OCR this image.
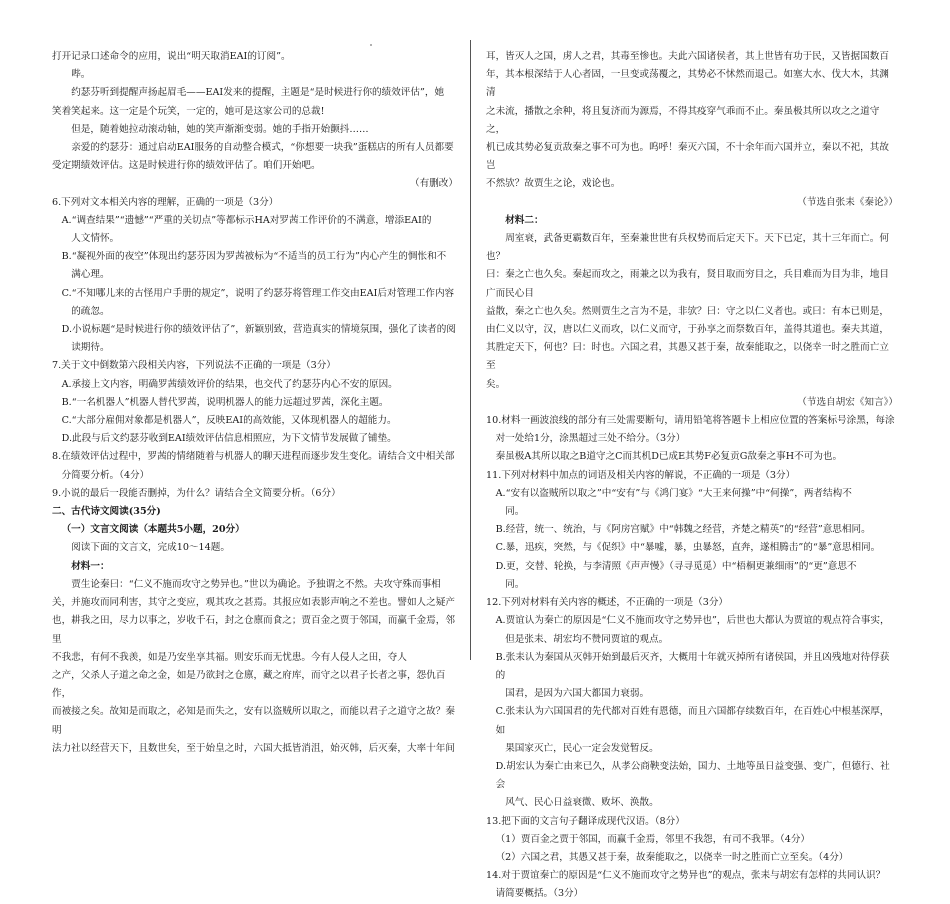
打开记录口述命令的应用，说出“明天取消EAI的订阅”。
哔。
约瑟芬听到提醒声扬起眉毛——EAI发来的提醒，主题是“是时候进行你的绩效评估”，她
笑着笑起来。这一定是个玩笑，一定的，她可是这家公司的总裁!
但是，随着她拉动滚动轴，她的笑声渐渐变弱。她的手指开始颤抖……
亲爱的约瑟芬：通过启动EAI服务的自动整合模式，“你想要一块我”蛋糕店的所有人员都要
受定期绩效评估。这是时候进行你的绩效评估了。咱们开始吧。
（有删改）
6.下列对文本相关内容的理解，正确的一项是（3分）
A.“调查结果”“遗憾”“严重的关切点”等都标示HA对罗茜工作评价的不满意，增添EAI的
人文情怀。
B.“凝视外面的夜空”体现出约瑟芬因为罗茜被标为“不适当的员工行为”内心产生的惆怅和不
满心理。
C.“不知哪儿来的古怪用户手册的规定”，说明了约瑟芬将管理工作交由EAI后对管理工作内容
的疏忽。
D.小说标题“是时候进行你的绩效评估了”，新颖别致，营造真实的情境氛围，强化了读者的阅
读期待。
7.关于文中倒数第六段相关内容，下列说法不正确的一项是（3分）
A.承接上文内容，明确罗茜绩效评价的结果，也交代了约瑟芬内心不安的原因。
B.“一名机器人”机器人替代罗茜，说明机器人的能力远超过罗茜，深化主题。
C.“大部分雇佣对象都是机器人”，反映EAI的高效能，又体现机器人的超能力。
D.此段与后文约瑟芬收到EAI绩效评估信息相照应，为下文情节发展做了铺垫。
8.在绩效评估过程中，罗茜的情绪随着与机器人的聊天进程而逐步发生变化。请结合文中相关部
分简要分析。（4分）
9.小说的最后一段能否删掉，为什么？请结合全文简要分析。（6分）
二、古代诗文阅读(35分)
（一）文言文阅读（本题共5小题，20分）
阅读下面的文言文，完成10～14题。
材料一：
贾生论秦曰：“仁义不施而攻守之势异也。”世以为确论。予独谓之不然。夫攻守殊而事相
关，并施攻而同利害，其守之变应，观其攻之甚焉。其报应如表影声响之不差也。譬如人之疑产
也，耕我之田，尽力以事之，岁收千石，封之仓廪而食之；贾百金之贾于邻国，而赢千金焉，邻里
不我悲，有何不我羡，如是乃安坐享其福。则安乐而无忧患。今有人侵人之田，夺人
之产，父杀人子道之命之金，如是乃欲封之仓廪，藏之府库，而守之以君子长者之事，怨仇百作，
而被接之矣。故知是而取之，必知是而失之，安有以盗贼所以取之，而能以君子之道守之故？秦明
法力社以经营天下，且数世矣，至于始皇之时，六国大抵皆消沮，始灭韩，后灭秦，大率十年间
耳，皆灭人之国，虏人之君，其毒至惨也。夫此六国诸侯者，其上世皆有功于民，又皆据国数百
年，其本根深结于人心者固，一旦变或荡覆之，其势必不怵然而退己。如塞大水、伐大木，其渊清
之未流，播散之余种，将且复济而为源焉，不得其疫穿气乖而不止。秦虽极其所以攻之之道守之，
机已成其势必复贡敌秦之事不可为也。呜呼！秦灭六国，不十余年而六国并立，秦以不祀，其故岂
不然欤？故贾生之论，戏论也。
（节选自张耒《秦论》）
材料二：
周室衰，武备更霸数百年，至秦兼世世有兵权势而后定天下。天下已定，其十三年而亡。何也？
曰：秦之亡也久矣。秦起而攻之，雨兼之以为我有，贤目取而穷目之，兵目难而为目为非，地目广而民心目
益散，秦之亡也久矣。然则贾生之言为不是，非欤？曰：守之以仁义者也。或曰：有本已则是，
由仁义以守，汉，唐以仁义而攻，以仁义而守，于孙享之而祭数百年，盖得其道也。秦夫其道，
其胜定天下，何也？曰：时也。六国之君，其愚又甚于秦，故秦能取之，以侥幸一时之胜而亡立至
矣。
（节选自胡宏《知言》）
10.材料一画波浪线的部分有三处需要断句，请用铅笔将答题卡上相应位置的答案标号涂黑，每涂
对一处给1分，涂黑超过三处不给分。（3分）
秦虽极A其所以取之B道守之C而其机D已成E其势F必复贡G敌秦之事H不可为也。
11.下列对材料中加点的词语及相关内容的解说，不正确的一项是（3分）
A.“安有以盗贼所以取之”中“安有”与《鸿门宴》“大王来何操”中“何操”，两者结构不
同。
B.经营，统一、统治，与《阿房宫赋》中“韩魏之经营，齐楚之精英”的“经营”意思相同。
C.暴，迅疾，突然，与《促织》中“暴嘘，暴，虫暴怒，直奔，遂相腾击”的“暴”意思相同。
D.更，交替、轮换，与李清照《声声慢》（寻寻觅觅）中“梧桐更兼细雨”的“更”意思不
同。
12.下列对材料有关内容的概述，不正确的一项是（3分）
A.贾谊认为秦亡的原因是“仁义不施而攻守之势异也”，后世也大都认为贾谊的观点符合事实，
但是张耒、胡宏均不赞同贾谊的观点。
B.张耒认为秦国从灭韩开始到最后灭齐，大概用十年就灭掉所有诸侯国，并且凶残地对待俘获的
国君，是因为六国大都国力衰弱。
C.张耒认为六国国君的先代都对百姓有恩德，而且六国都存续数百年，在百姓心中根基深厚，如
果国家灭亡，民心一定会发觉暂反。
D.胡宏认为秦亡由来已久，从孝公商鞅变法始，国力、土地等虽日益变强、变广，但德行、社会
风气、民心日益衰微、败坏、涣散。
13.把下面的文言句子翻译成现代汉语。（8分）
（1）贾百金之贾于邻国，而赢千金焉，邻里不我怨，有司不我罪。（4分）
（2）六国之君，其愚又甚于秦，故秦能取之，以侥幸一时之胜而亡立至矣。（4分）
14.对于贾谊秦亡的原因是“仁义不施而攻守之势异也”的观点，张耒与胡宏有怎样的共同认识？
请简要概括。（3分）
